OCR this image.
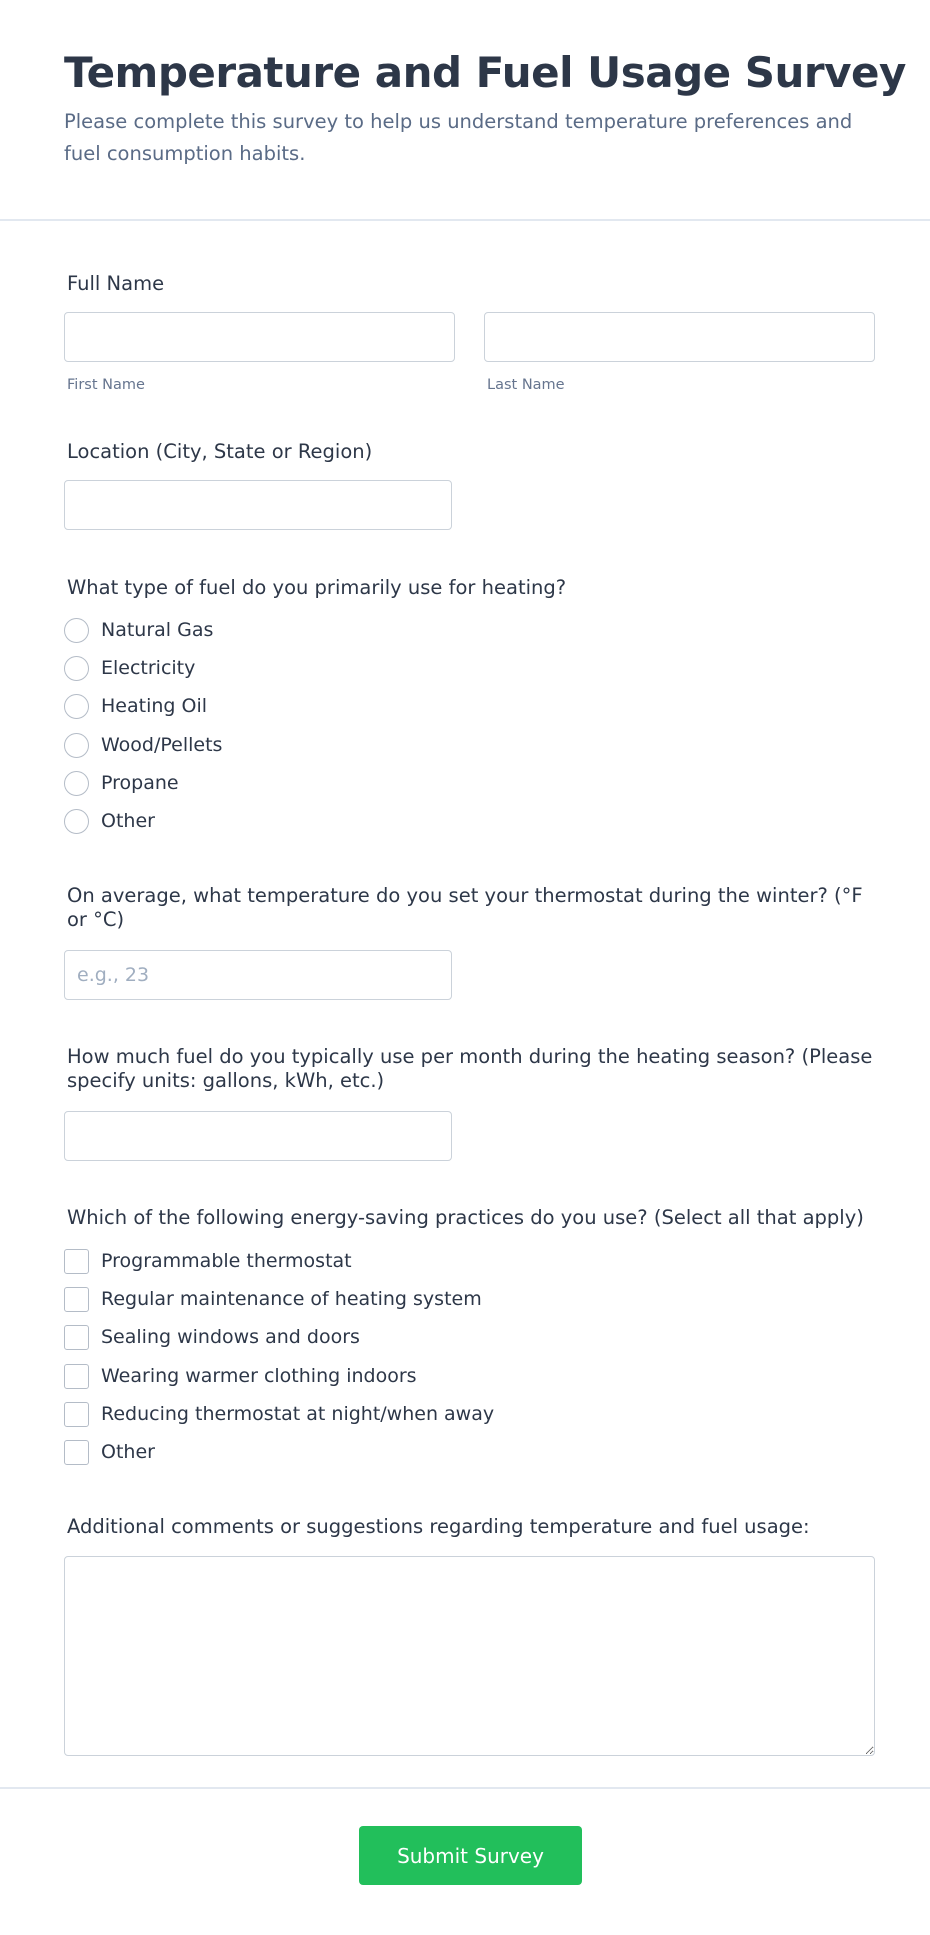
Temperature and Fuel Usage Survey

Please complete this survey to help us understand temperature preferences and fuel consumption habits.

Full Name
First Name	Last Name
Location (City, State or Region)
What type of fuel do you primarily use for heating?
Natural Gas
Electricity
Heating Oil
Wood/Pellets
Propane
Other
On average, what temperature do you set your thermostat during the winter? (°F or °C)
e.g., 23
How much fuel do you typically use per month during the heating season? (Please specify units: gallons, kWh, etc.)
Which of the following energy-saving practices do you use? (Select all that apply)
Programmable thermostat
Regular maintenance of heating system
Sealing windows and doors
Wearing warmer clothing indoors
Reducing thermostat at night/when away
Other
Additional comments or suggestions regarding temperature and fuel usage:
Submit Survey
